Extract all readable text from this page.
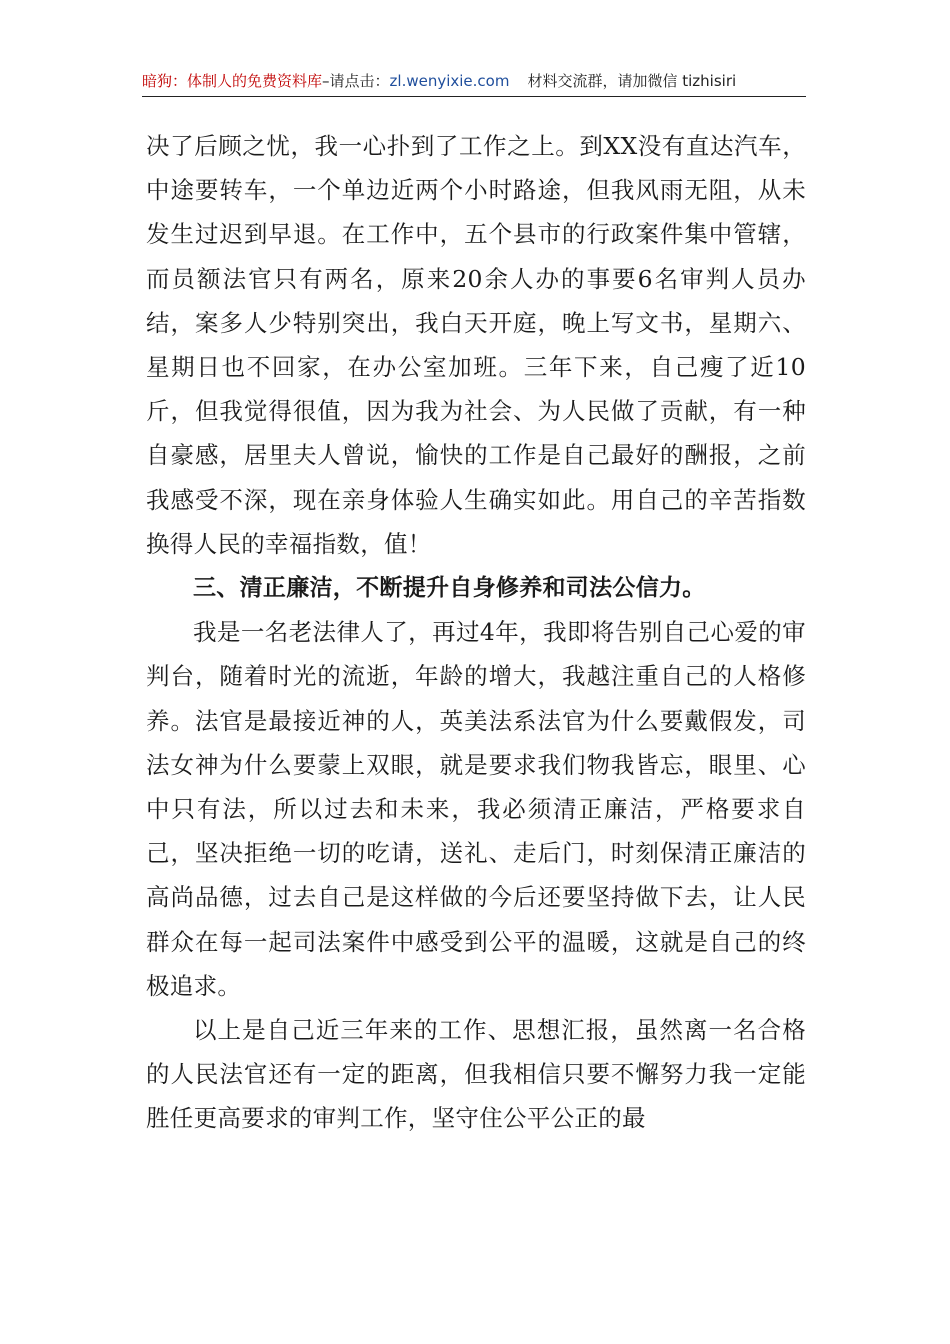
暗狗：体制人的免费资料库–请点击：zl.wenyixie.com 材料交流群，请加微信 tizhisiri

决了后顾之忧，我一心扑到了工作之上。到XX没有直达汽车，中途要转车，一个单边近两个小时路途，但我风雨无阻，从未发生过迟到早退。在工作中，五个县市的行政案件集中管辖，而员额法官只有两名，原来20余人办的事要6名审判人员办结，案多人少特别突出，我白天开庭，晚上写文书，星期六、星期日也不回家，在办公室加班。三年下来，自己瘦了近10斤，但我觉得很值，因为我为社会、为人民做了贡献，有一种自豪感，居里夫人曾说，愉快的工作是自己最好的酬报，之前我感受不深，现在亲身体验人生确实如此。用自己的辛苦指数换得人民的幸福指数，值！

三、清正廉洁，不断提升自身修养和司法公信力。

我是一名老法律人了，再过4年，我即将告别自己心爱的审判台，随着时光的流逝，年龄的增大，我越注重自己的人格修养。法官是最接近神的人，英美法系法官为什么要戴假发，司法女神为什么要蒙上双眼，就是要求我们物我皆忘，眼里、心中只有法，所以过去和未来，我必须清正廉洁，严格要求自己，坚决拒绝一切的吃请，送礼、走后门，时刻保清正廉洁的高尚品德，过去自己是这样做的今后还要坚持做下去，让人民群众在每一起司法案件中感受到公平的温暖，这就是自己的终极追求。

以上是自己近三年来的工作、思想汇报，虽然离一名合格的人民法官还有一定的距离，但我相信只要不懈努力我一定能胜任更高要求的审判工作，坚守住公平公正的最
